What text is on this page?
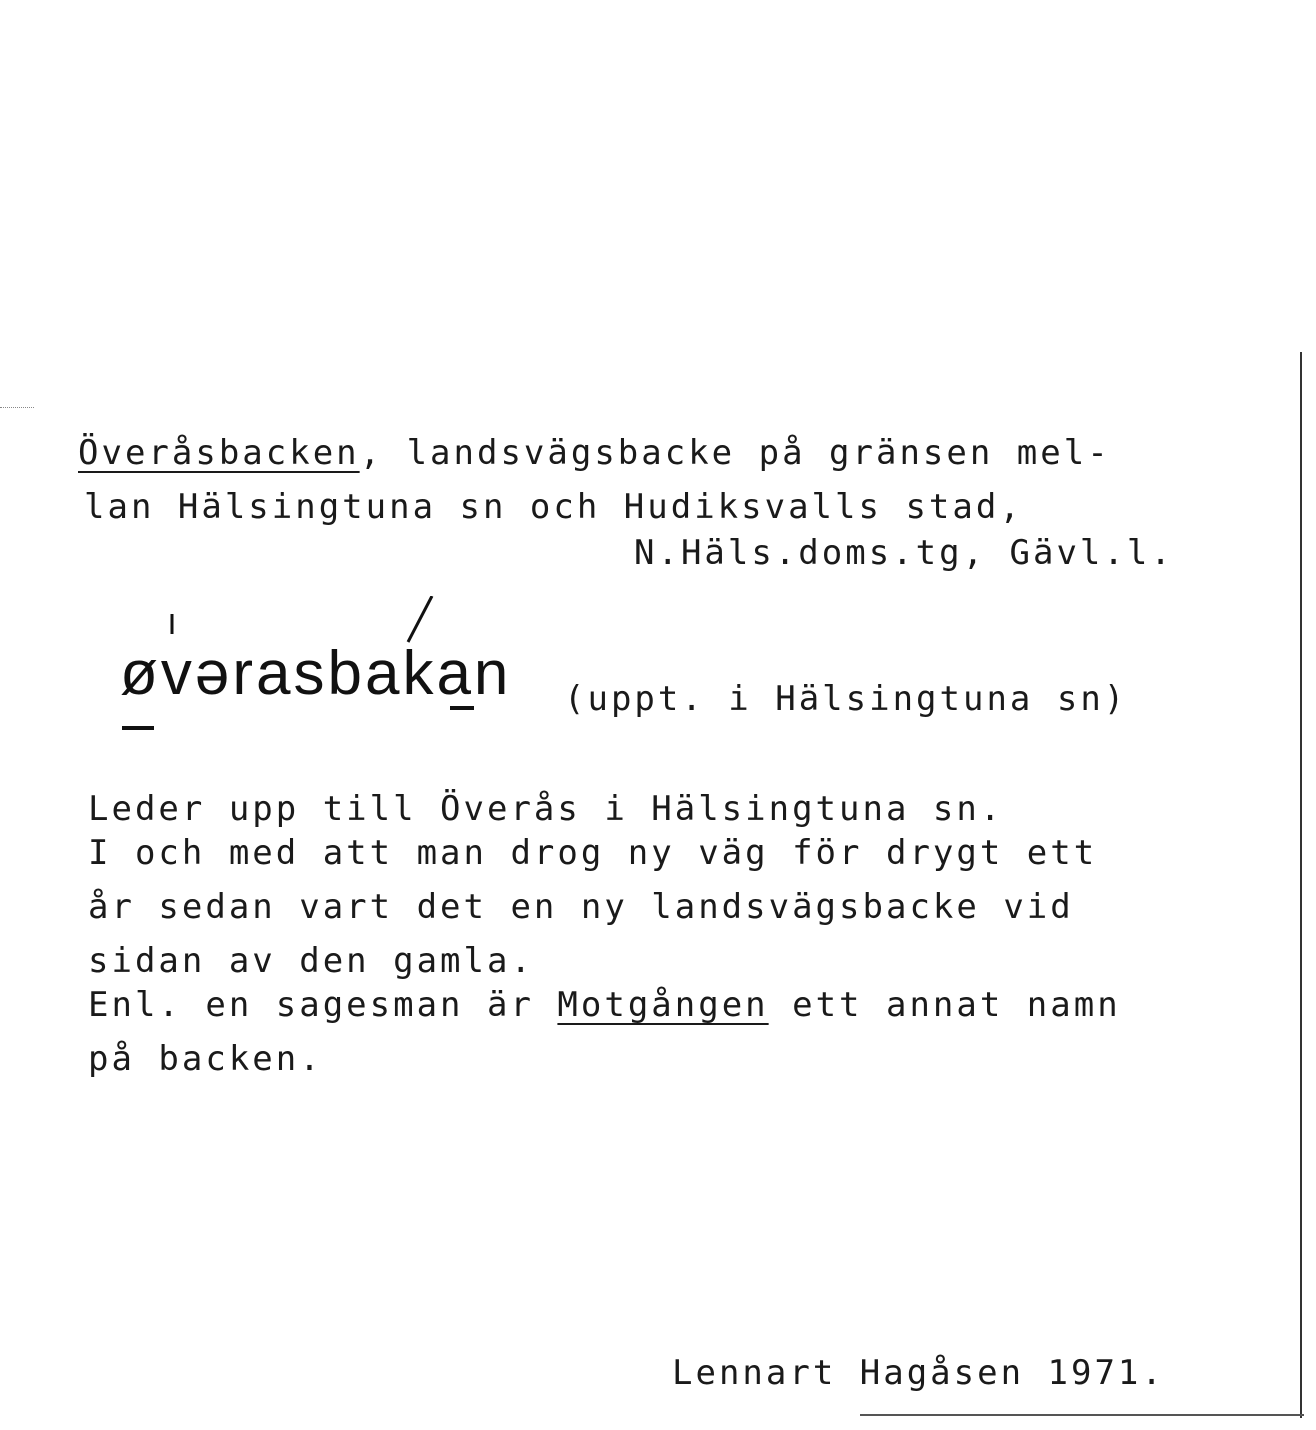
Överåsbacken, landsvägsbacke på gränsen mel-
lan Hälsingtuna sn och Hudiksvalls stad,
N.Häls.doms.tg, Gävl.l.
øvərasbakan (uppt. i Hälsingtuna sn)
Leder upp till Överås i Hälsingtuna sn.
I och med att man drog ny väg för drygt ett
år sedan vart det en ny landsvägsbacke vid
sidan av den gamla.
Enl. en sagesman är Motgången ett annat namn
på backen.
Lennart Hagåsen 1971.
